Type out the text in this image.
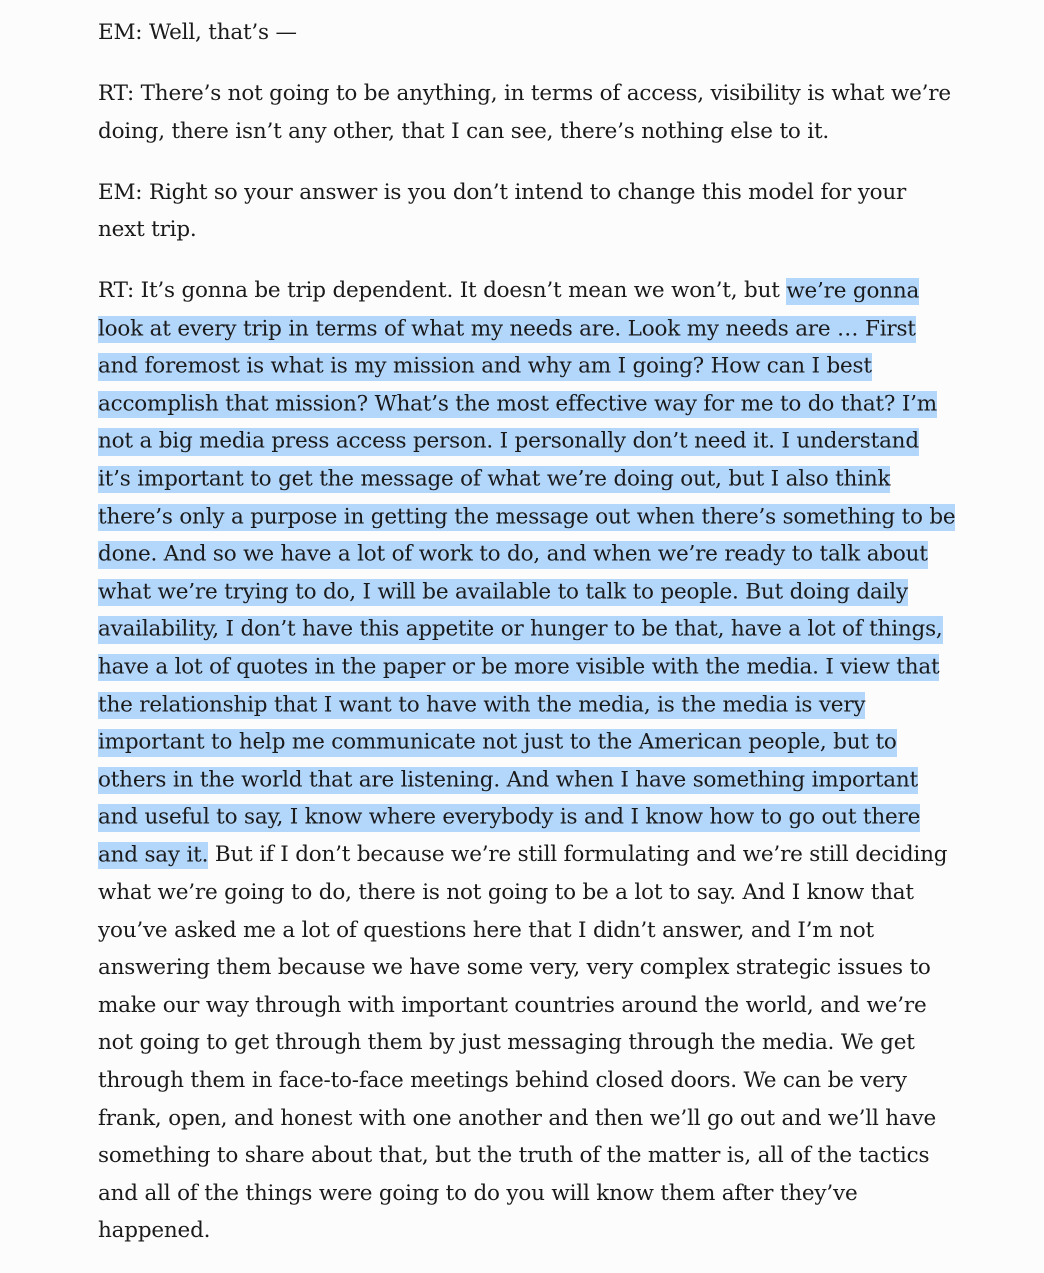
EM: Well, that’s —

RT: There’s not going to be anything, in terms of access, visibility is what we’re doing, there isn’t any other, that I can see, there’s nothing else to it.

EM: Right so your answer is you don’t intend to change this model for your next trip.

RT: It’s gonna be trip dependent. It doesn’t mean we won’t, but we’re gonna look at every trip in terms of what my needs are. Look my needs are … First and foremost is what is my mission and why am I going? How can I best accomplish that mission? What’s the most effective way for me to do that? I’m not a big media press access person. I personally don’t need it. I understand it’s important to get the message of what we’re doing out, but I also think there’s only a purpose in getting the message out when there’s something to be done. And so we have a lot of work to do, and when we’re ready to talk about what we’re trying to do, I will be available to talk to people. But doing daily availability, I don’t have this appetite or hunger to be that, have a lot of things, have a lot of quotes in the paper or be more visible with the media. I view that the relationship that I want to have with the media, is the media is very important to help me communicate not just to the American people, but to others in the world that are listening. And when I have something important and useful to say, I know where everybody is and I know how to go out there and say it. But if I don’t because we’re still formulating and we’re still deciding what we’re going to do, there is not going to be a lot to say. And I know that you’ve asked me a lot of questions here that I didn’t answer, and I’m not answering them because we have some very, very complex strategic issues to make our way through with important countries around the world, and we’re not going to get through them by just messaging through the media. We get through them in face-to-face meetings behind closed doors. We can be very frank, open, and honest with one another and then we’ll go out and we’ll have something to share about that, but the truth of the matter is, all of the tactics and all of the things were going to do you will know them after they’ve happened.
